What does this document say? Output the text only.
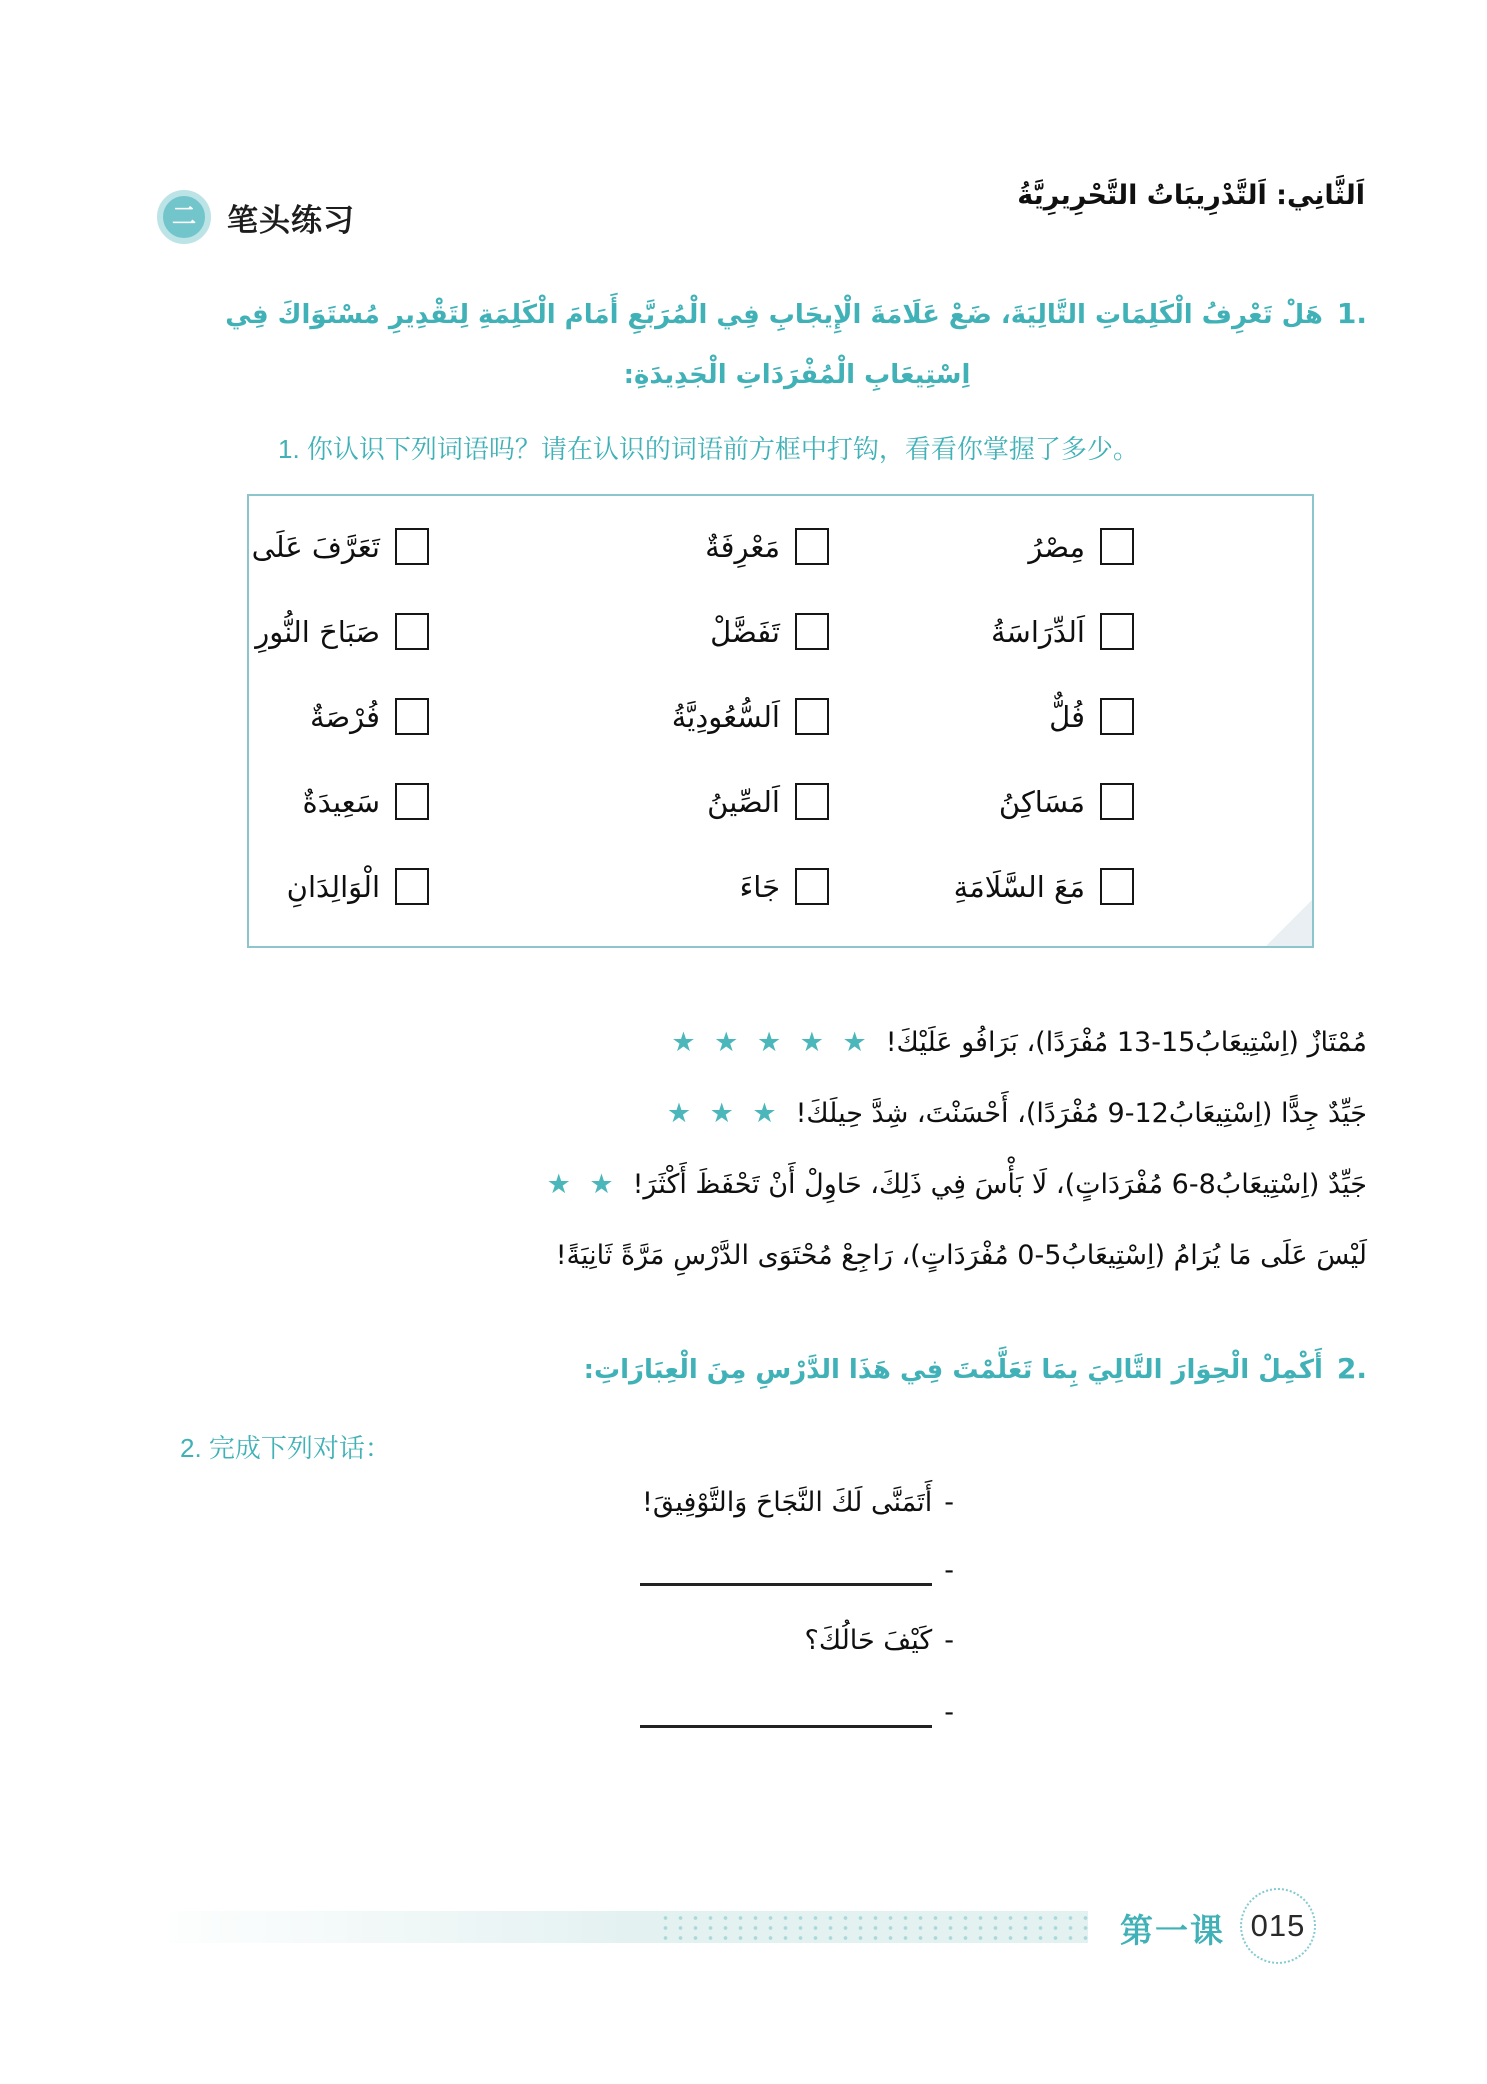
二 笔头练习
اَلثَّانِي: اَلتَّدْرِيبَاتُ التَّحْرِيرِيَّةُ
1.
هَلْ تَعْرِفُ الْكَلِمَاتِ التَّالِيَةَ، ضَعْ عَلَامَةَ الْإِيجَابِ فِي الْمُرَبَّعِ أَمَامَ الْكَلِمَةِ لِتَقْدِيرِ مُسْتَوَاكَ فِي
اِسْتِيعَابِ الْمُفْرَدَاتِ الْجَدِيدَةِ:
1. 你认识下列词语吗？请在认识的词语前方框中打钩，看看你掌握了多少。
مِصْرُ
مَعْرِفَةٌ
تَعَرَّفَ عَلَى
اَلدِّرَاسَةُ
تَفَضَّلْ
صَبَاحَ النُّورِ
فُلٌّ
اَلسُّعُودِيَّةُ
فُرْصَةٌ
مَسَاكِنُ
اَلصِّينُ
سَعِيدَةٌ
مَعَ السَّلَامَةِ
جَاءَ
الْوَالِدَانِ
مُمْتَازٌ (اِسْتِيعَابُ15-13 مُفْرَدًا)، بَرَافُو عَلَيْكَ!
★ ★ ★ ★ ★
جَيِّدٌ جِدًّا (اِسْتِيعَابُ12-9 مُفْرَدًا)، أَحْسَنْتَ، شِدَّ حِيلَكَ!
★ ★ ★
جَيِّدٌ (اِسْتِيعَابُ8-6 مُفْرَدَاتٍ)، لَا بَأْسَ فِي ذَلِكَ، حَاوِلْ أَنْ تَحْفَظَ أَكْثَرَ!
★ ★
لَيْسَ عَلَى مَا يُرَامُ (اِسْتِيعَابُ5-0 مُفْرَدَاتٍ)، رَاجِعْ مُحْتَوَى الدَّرْسِ مَرَّةً ثَانِيَةً!
2.
أَكْمِلْ الْحِوَارَ التَّالِيَ بِمَا تَعَلَّمْتَ فِي هَذَا الدَّرْسِ مِنَ الْعِبَارَاتِ:
2. 完成下列对话：
-
أَتَمَنَّى لَكَ النَّجَاحَ وَالتَّوْفِيقَ!
-
-
كَيْفَ حَالُكَ؟
-
第一课 015
